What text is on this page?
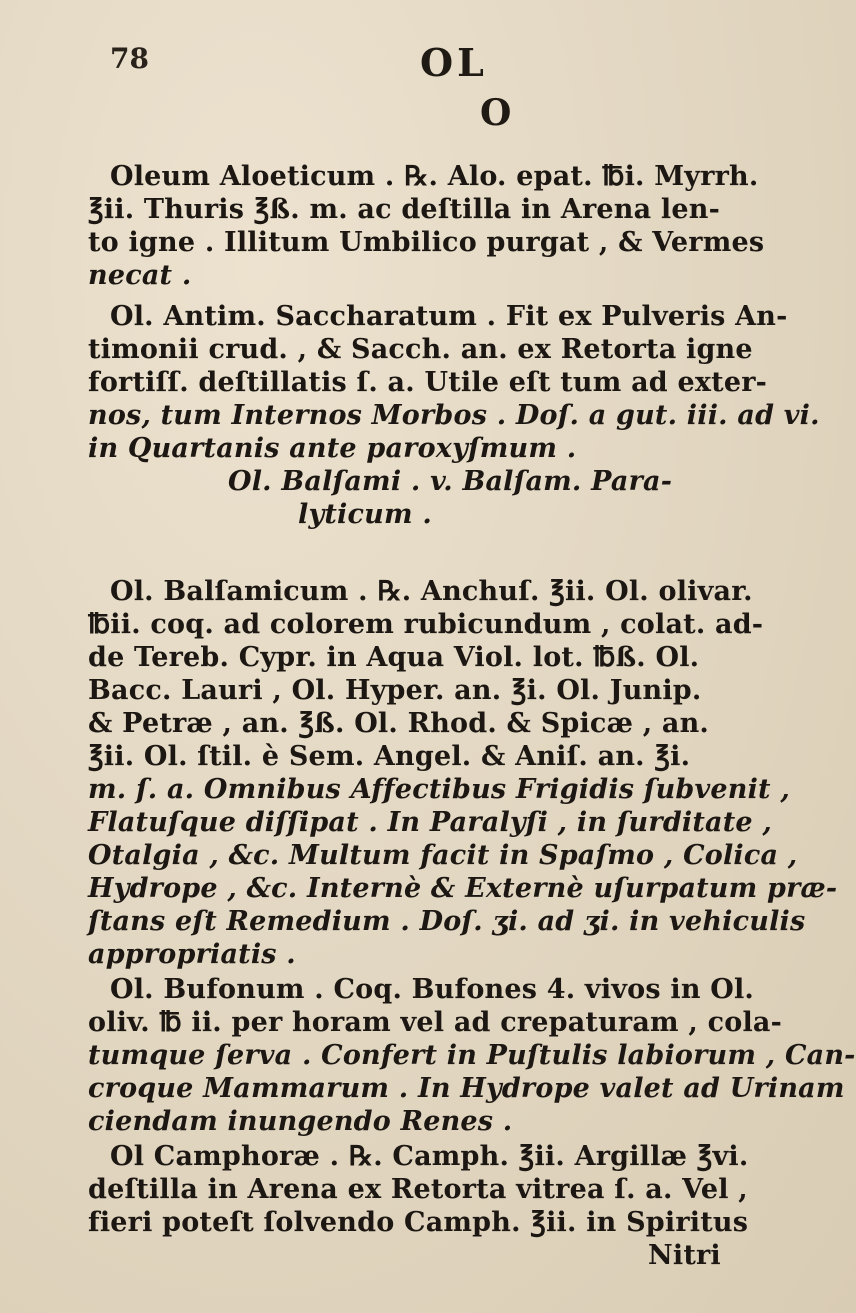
78	OL
O
Oleum Aloeticum . ℞. Alo. epat. ℔i. Myrrh.
℥ii. Thuris ℥ß. m. ac deſtilla in Arena len-
to igne . Illitum Umbilico purgat , & Vermes
necat .
Ol. Antim. Saccharatum . Fit ex Pulveris An-
timonii crud. , & Sacch. an. ex Retorta igne
fortiſſ. deſtillatis ſ. a. Utile eſt tum ad exter-
nos, tum Internos Morbos . Doſ. a gut. iii. ad vi.
in Quartanis ante paroxyſmum .
Ol. Balſami . v. Balſam. Para-
lyticum .
Ol. Balſamicum . ℞. Anchuſ. ℥ii. Ol. olivar.
℔ii. coq. ad colorem rubicundum , colat. ad-
de Tereb. Cypr. in Aqua Viol. lot. ℔ß. Ol.
Bacc. Lauri , Ol. Hyper. an. ℥i. Ol. Junip.
& Petræ , an. ℥ß. Ol. Rhod. & Spicæ , an.
℥ii. Ol. ſtil. è Sem. Angel. & Aniſ. an. ℥i.
m. ſ. a. Omnibus Affectibus Frigidis ſubvenit ,
Flatuſque diſſipat . In Paralyſi , in ſurditate ,
Otalgia , &c. Multum facit in Spaſmo , Colica ,
Hydrope , &c. Internè & Externè uſurpatum præ-
ſtans eſt Remedium . Doſ. ʒi. ad ʒi. in vehiculis
appropriatis .
Ol. Bufonum . Coq. Bufones 4. vivos in Ol.
oliv. ℔ ii. per horam vel ad crepaturam , cola-
tumque ſerva . Confert in Puſtulis labiorum , Can-
croque Mammarum . In Hydrope valet ad Urinam
ciendam inungendo Renes .
Ol Camphoræ . ℞. Camph. ℥ii. Argillæ ℥vi.
deſtilla in Arena ex Retorta vitrea ſ. a. Vel ,
fieri poteſt ſolvendo Camph. ℥ii. in Spiritus
Nitri
